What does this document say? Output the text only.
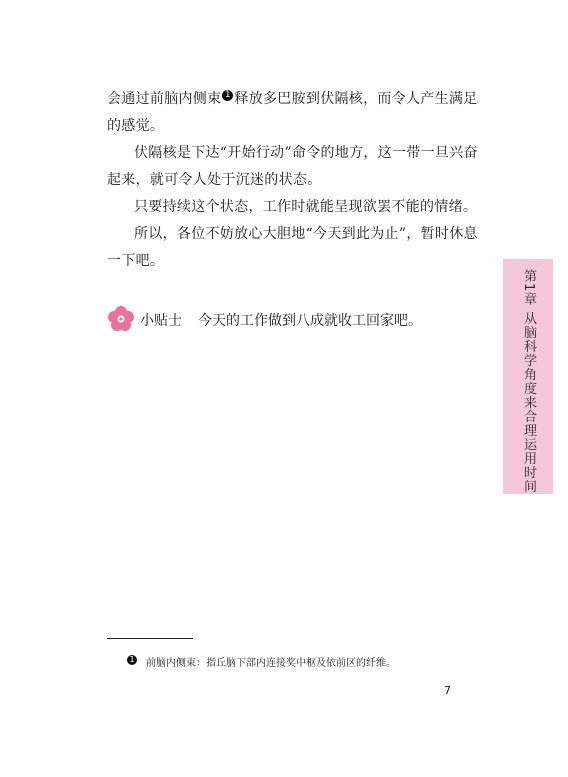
会通过前脑内侧束 1 释放多巴胺到伏隔核，而令人产生满足
的感觉。
伏隔核是下达“开始行动”命令的地方，这一带一旦兴奋
起来，就可令人处于沉迷的状态。
只要持续这个状态，工作时就能呈现欲罢不能的情绪。
所以，各位不妨放心大胆地“今天到此为止”，暂时休息
一下吧。
小贴士 今天的工作做到八成就收工回家吧。	第1章 从脑科学角度来合理运用时间
1 前脑内侧束：指丘脑下部内连接奖中枢及依前区的纤维。
7
